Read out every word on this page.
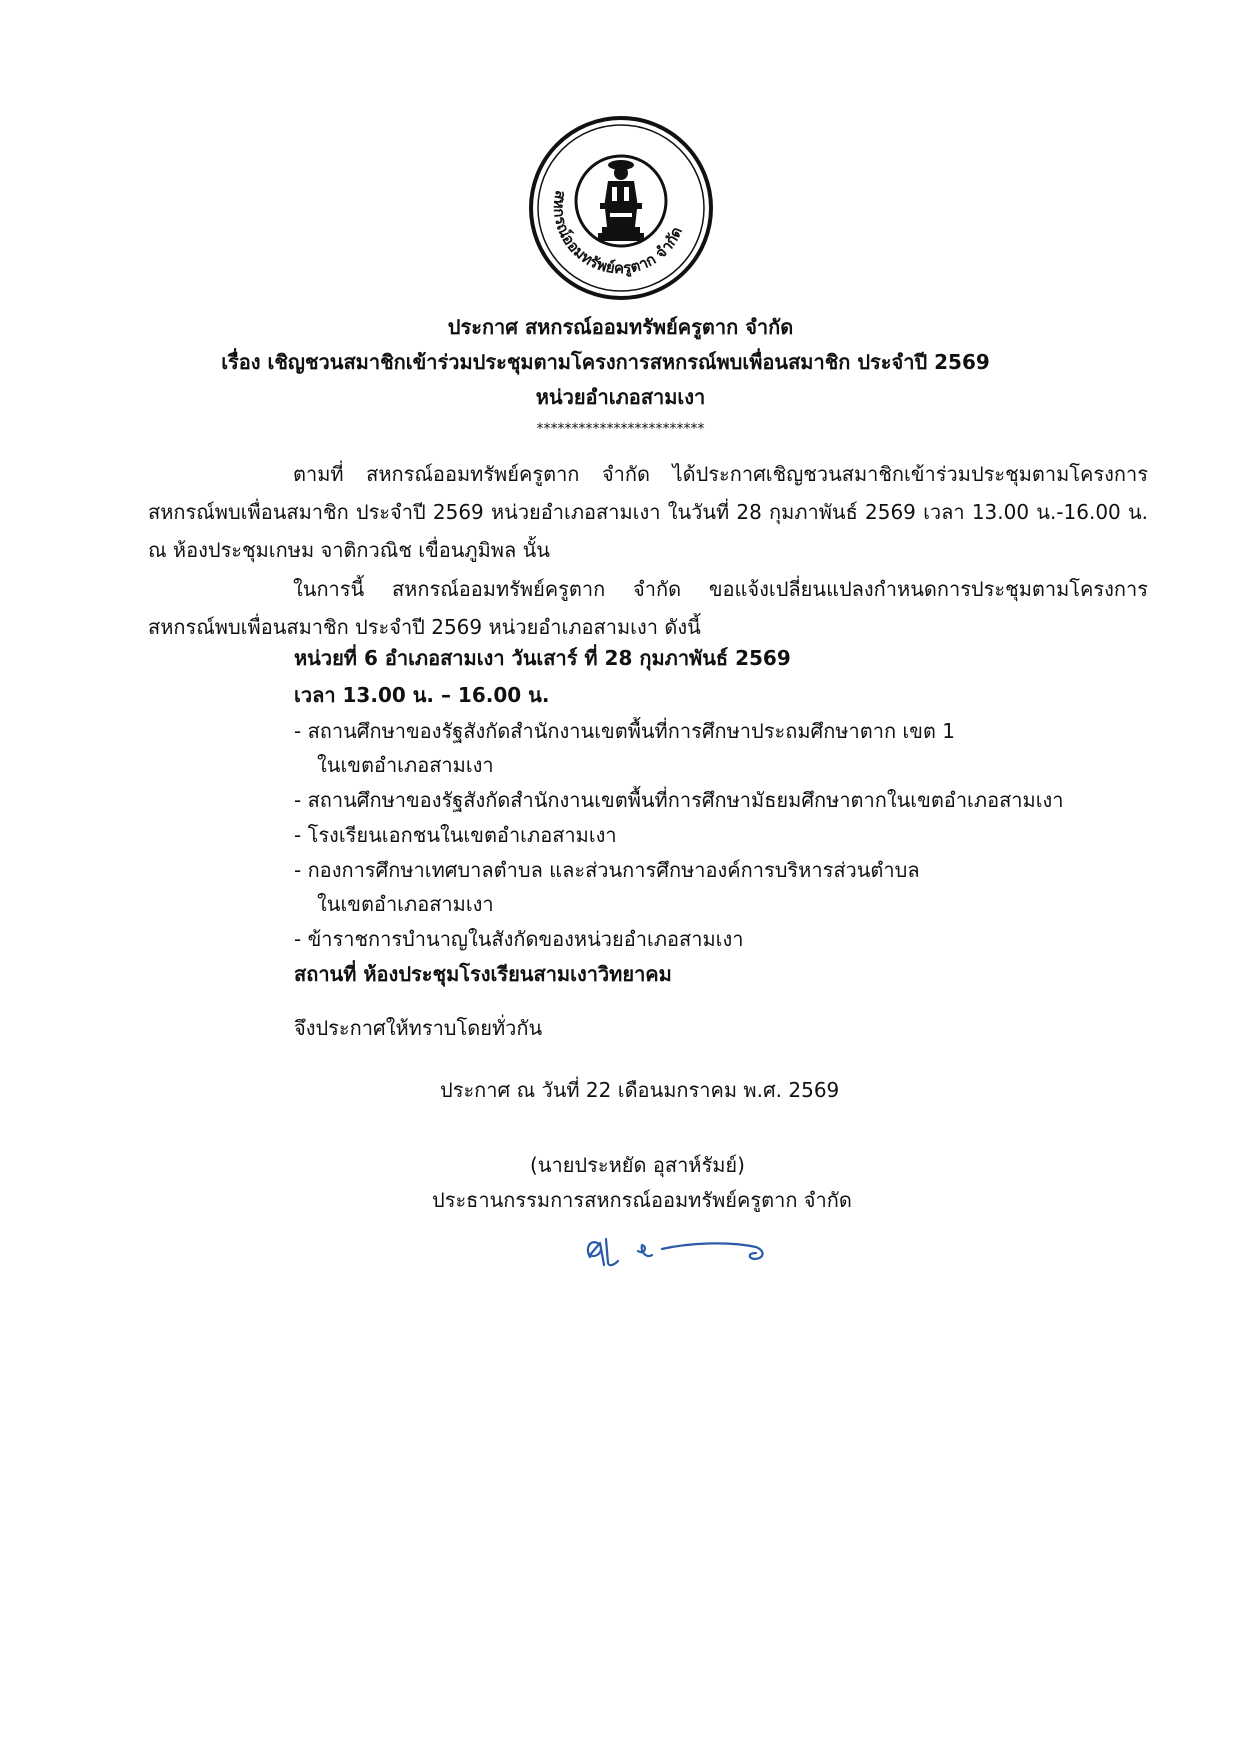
สหกรณ์ออมทรัพย์ครูตาก จำกัด
ประกาศ สหกรณ์ออมทรัพย์ครูตาก จำกัด
เรื่อง เชิญชวนสมาชิกเข้าร่วมประชุมตามโครงการสหกรณ์พบเพื่อนสมาชิก ประจำปี 2569
หน่วยอำเภอสามเงา
************************
ตามที่ สหกรณ์ออมทรัพย์ครูตาก จำกัด ได้ประกาศเชิญชวนสมาชิกเข้าร่วมประชุมตามโครงการสหกรณ์พบเพื่อนสมาชิก ประจำปี 2569 หน่วยอำเภอสามเงา ในวันที่ 28 กุมภาพันธ์ 2569 เวลา 13.00 น.-16.00 น. ณ ห้องประชุมเกษม จาติกวณิช เขื่อนภูมิพล นั้น
ในการนี้ สหกรณ์ออมทรัพย์ครูตาก จำกัด ขอแจ้งเปลี่ยนแปลงกำหนดการประชุมตามโครงการสหกรณ์พบเพื่อนสมาชิก ประจำปี 2569 หน่วยอำเภอสามเงา ดังนี้
หน่วยที่ 6 อำเภอสามเงา วันเสาร์ ที่ 28 กุมภาพันธ์ 2569
เวลา 13.00 น. – 16.00 น.
- สถานศึกษาของรัฐสังกัดสำนักงานเขตพื้นที่การศึกษาประถมศึกษาตาก เขต 1
ในเขตอำเภอสามเงา
- สถานศึกษาของรัฐสังกัดสำนักงานเขตพื้นที่การศึกษามัธยมศึกษาตากในเขตอำเภอสามเงา
- โรงเรียนเอกชนในเขตอำเภอสามเงา
- กองการศึกษาเทศบาลตำบล และส่วนการศึกษาองค์การบริหารส่วนตำบล
ในเขตอำเภอสามเงา
- ข้าราชการบำนาญในสังกัดของหน่วยอำเภอสามเงา
สถานที่ ห้องประชุมโรงเรียนสามเงาวิทยาคม
จึงประกาศให้ทราบโดยทั่วกัน
ประกาศ ณ วันที่ 22 เดือนมกราคม พ.ศ. 2569
(นายประหยัด อุสาห์รัมย์)
ประธานกรรมการสหกรณ์ออมทรัพย์ครูตาก จำกัด
